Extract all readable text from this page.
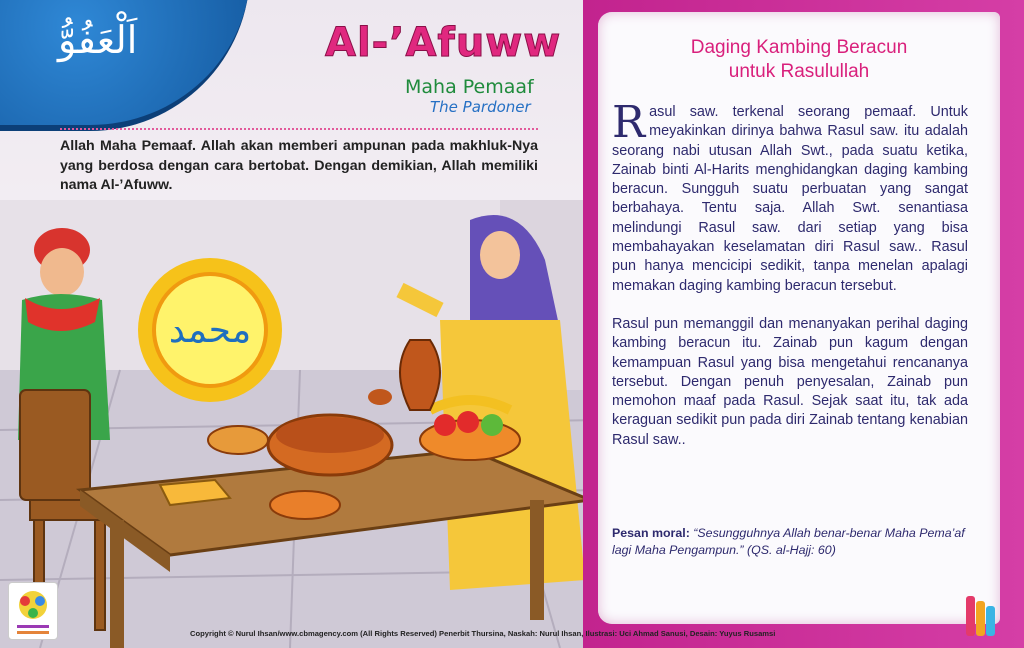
محمد
اَلْعَفُوُّ	Al-’Afuww
Maha Pemaaf
The Pardoner
Allah Maha Pemaaf. Allah akan memberi ampunan pada makhluk-Nya yang berdosa dengan cara bertobat. Dengan demikian, Allah memiliki nama Al-’Afuww.
Daging Kambing Beracun
untuk Rasulullah

Rasul saw. terkenal seorang pemaaf. Untuk meyakinkan dirinya bahwa Rasul saw. itu adalah seorang nabi utusan Allah Swt., pada suatu ketika, Zainab binti Al-Harits menghidangkan daging kambing beracun. Sungguh suatu perbuatan yang sangat berbahaya. Tentu saja. Allah Swt. senantiasa melindungi Rasul saw. dari setiap yang bisa membahayakan keselamatan diri Rasul saw.. Rasul pun hanya mencicipi sedikit, tanpa menelan apalagi memakan daging kambing beracun tersebut.

Rasul pun memanggil dan menanyakan perihal daging kambing beracun itu. Zainab pun kagum dengan kemampuan Rasul yang bisa mengetahui rencananya tersebut. Dengan penuh penyesalan, Zainab pun memohon maaf pada Rasul. Sejak saat itu, tak ada keraguan sedikit pun pada diri Zainab tentang kenabian Rasul saw..

Pesan moral: “Sesungguhnya Allah benar-benar Maha Pema’af lagi Maha Pengampun.” (QS. al-Hajj: 60)
Copyright © Nurul Ihsan/www.cbmagency.com (All Rights Reserved) Penerbit Thursina, Naskah: Nurul Ihsan, Ilustrasi: Uci Ahmad Sanusi, Desain: Yuyus Rusamsi
